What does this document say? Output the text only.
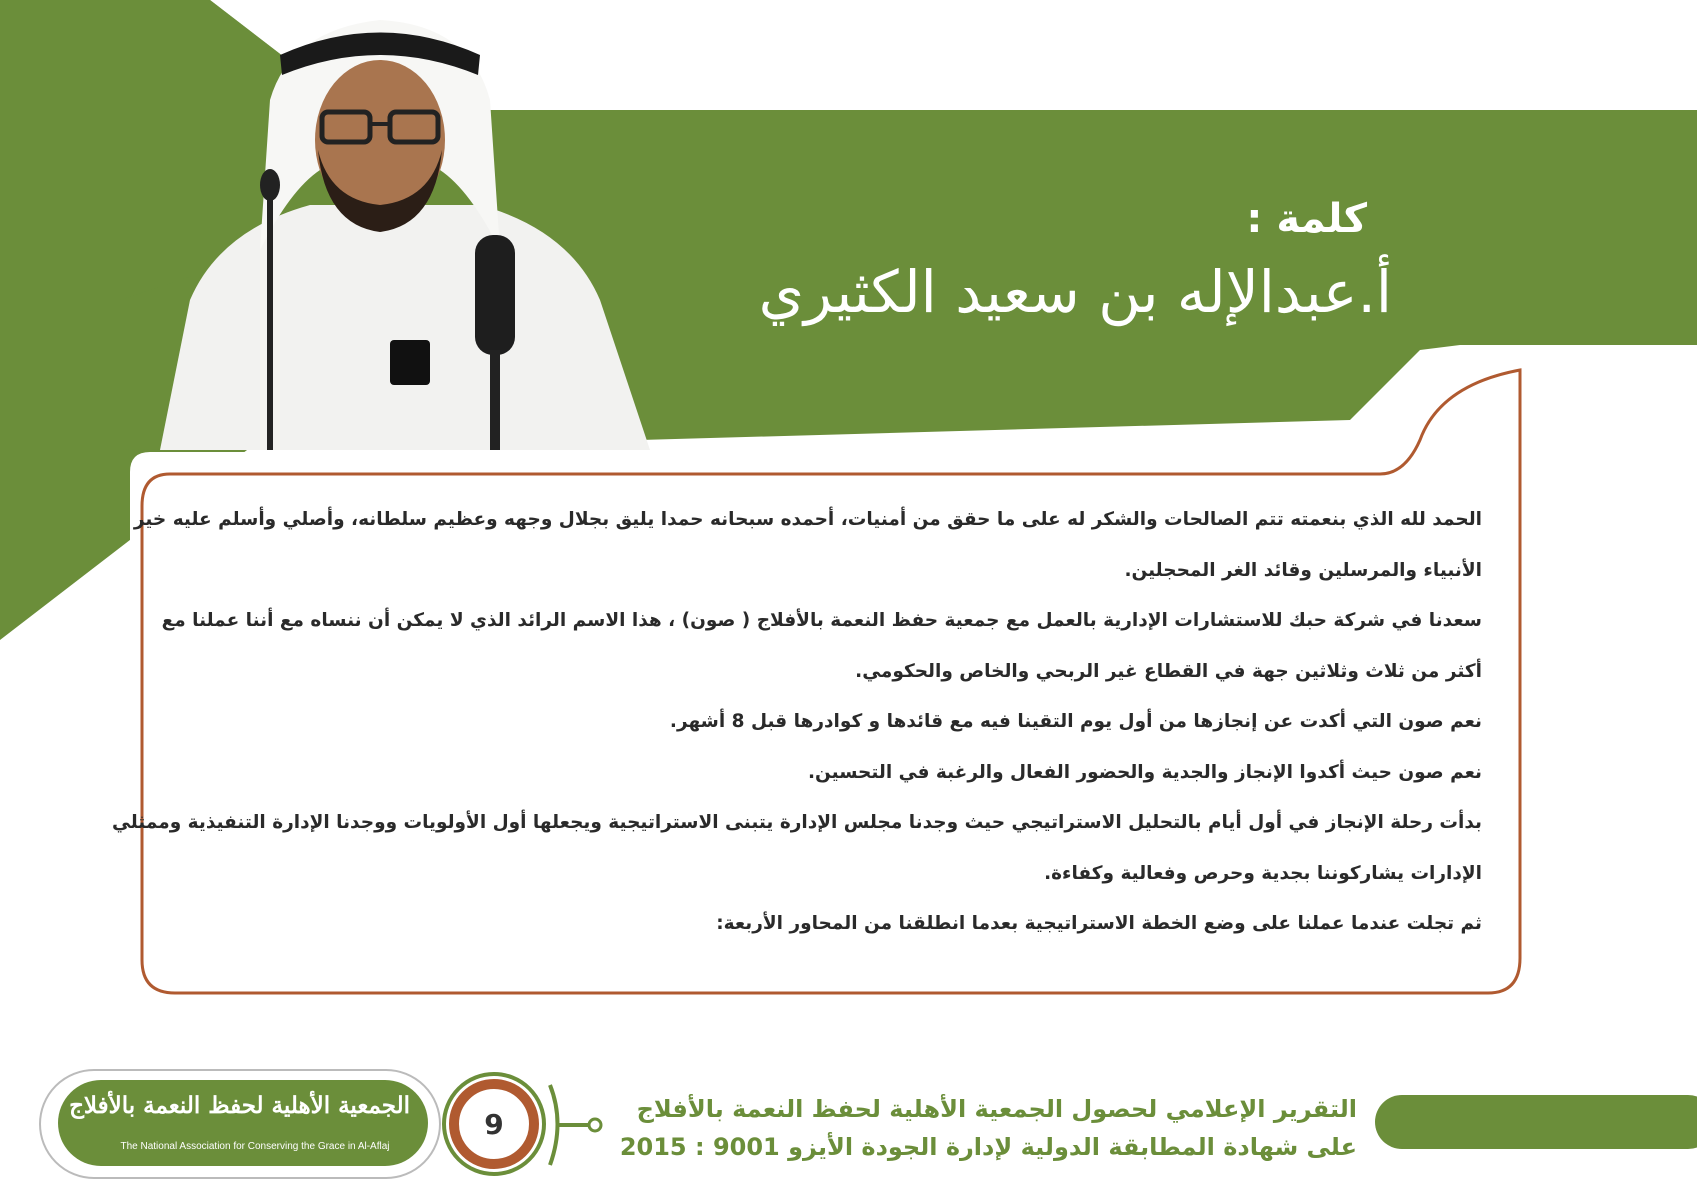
كلمة :
أ.عبدالإله بن سعيد الكثيري

الحمد لله الذي بنعمته تتم الصالحات والشكر له على ما حقق من أمنيات، أحمده سبحانه حمدا يليق بجلال وجهه وعظيم سلطانه، وأصلي وأسلم عليه خير

الأنبياء والمرسلين وقائد الغر المحجلين.

سعدنا في شركة حبك للاستشارات الإدارية بالعمل مع جمعية حفظ النعمة بالأفلاج ( صون) ، هذا الاسم الرائد الذي لا يمكن أن ننساه مع أننا عملنا مع

أكثر من ثلاث وثلاثين جهة في القطاع غير الربحي والخاص والحكومي.

نعم صون التي أكدت عن إنجازها من أول يوم التقينا فيه مع قائدها و كوادرها قبل 8 أشهر.

نعم صون حيث أكدوا الإنجاز والجدية والحضور الفعال والرغبة في التحسين.

بدأت رحلة الإنجاز في أول أيام بالتحليل الاستراتيجي حيث وجدنا مجلس الإدارة يتبنى الاستراتيجية ويجعلها أول الأولويات ووجدنا الإدارة التنفيذية وممثلي

الإدارات يشاركوننا بجدية وحرص وفعالية وكفاءة.

ثم تجلت عندما عملنا على وضع الخطة الاستراتيجية بعدما انطلقنا من المحاور الأربعة:

التقرير الإعلامي لحصول الجمعية الأهلية لحفظ النعمة بالأفلاج
على شهادة المطابقة الدولية لإدارة الجودة الأيزو 9001 : 2015
9
الجمعية الأهلية لحفظ النعمة بالأفلاج
The National Association for Conserving the Grace in Al-Aflaj
